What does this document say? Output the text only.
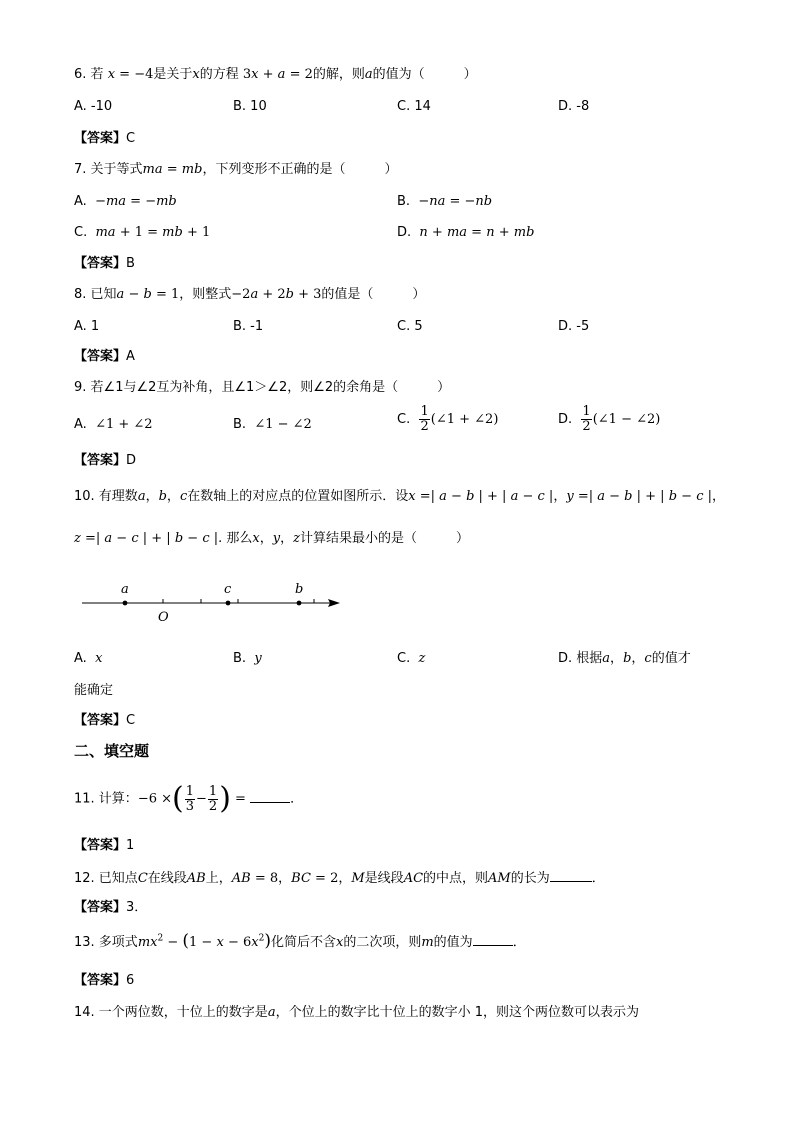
6. 若 x = −4是关于x的方程 3x + a = 2的解，则a的值为（　　　）
A. -10	B. 10	C. 14	D. -8
【答案】C
7. 关于等式ma = mb，下列变形不正确的是（　　　）
A. −ma = −mb	B. −na = −nb
C. ma + 1 = mb + 1	D. n + ma = n + mb
【答案】B
8. 已知a − b = 1，则整式−2a + 2b + 3的值是（　　　）
A. 1	B. -1	C. 5	D. -5
【答案】A
9. 若∠1与∠2互为补角，且∠1＞∠2，则∠2的余角是（　　　）
A. ∠1 + ∠2	B. ∠1 − ∠2	C. $\frac{1}{2}$ (∠1 + ∠2)	D. $\frac{1}{2}$ (∠1 − ∠2)
【答案】D
10. 有理数a，b，c在数轴上的对应点的位置如图所示．设x =| a − b | + | a − c |，y =| a − b | + | b − c |，
z =| a − c | + | b − c |. 那么x，y，z计算结果最小的是（　　　）
a	c	b
O
A. x	B. y	C. z	D. 根据a，b，c的值才
能确定
【答案】C
二、填空题
11. 计算：−6 ×( $\frac{1}{3} - \frac{1}{2}$ ) =	．
【答案】1
12. 已知点C在线段AB上，AB = 8，BC = 2，M是线段AC的中点，则AM的长为	．
【答案】3．
13. 多项式$mx^2 - (1 - x - 6x^2)$化简后不含x的二次项，则m的值为	．
【答案】6
14. 一个两位数，十位上的数字是a，个位上的数字比十位上的数字小 1，则这个两位数可以表示为
